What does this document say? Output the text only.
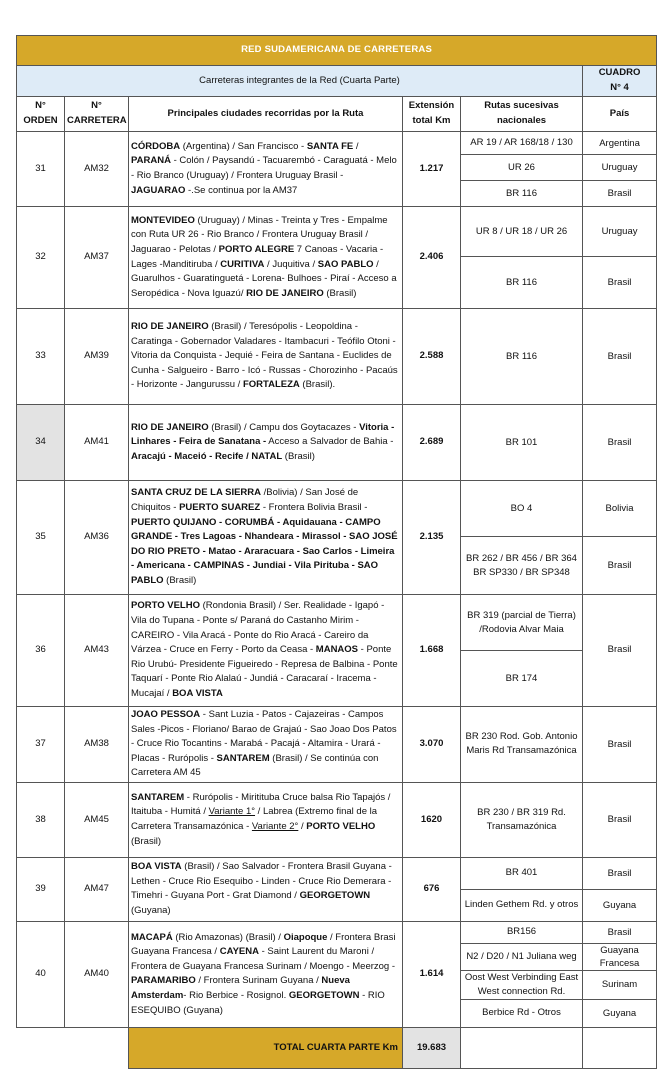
RED SUDAMERICANA DE CARRETERAS					
Carreteras integrantes de la Red (Cuarta Parte)					CUADRO
N° 4

N° ORDEN	N° CARRETERA	Principales ciudades recorridas por la Ruta	Extensión total Km	Rutas sucesivas nacionales	País
31	AM32	CÓRDOBA (Argentina) / San Francisco - SANTA FE / PARANÁ - Colón / Paysandú - Tacuarembó - Caraguatá - Melo - Rio Branco (Uruguay) / Frontera Uruguay Brasil - JAGUARAO -.Se continua por la AM37	1.217	AR 19 / AR 168/18 / 130	Argentina
				UR 26	Uruguay
				BR 116	Brasil
32	AM37	MONTEVIDEO (Uruguay) / Minas - Treinta y Tres - Empalme con Ruta UR 26 - Rio Branco / Frontera Uruguay Brasil / Jaguarao - Pelotas / PORTO ALEGRE 7 Canoas - Vacaria - Lages -Manditiruba / CURITIVA / Juquitiva / SAO PABLO / Guarulhos - Guaratinguetá - Lorena- Bulhoes - Piraí - Acceso a Seropédica - Nova Iguazú/ RIO DE JANEIRO (Brasil)	2.406	UR 8 / UR 18 / UR 26	Uruguay
				BR 116	Brasil
33	AM39	RIO DE JANEIRO (Brasil) / Teresópolis - Leopoldina - Caratinga - Gobernador Valadares - Itambacuri - Teófilo Otoni - Vitoria da Conquista - Jequié - Feira de Santana - Euclides de Cunha - Salgueiro - Barro - Icó - Russas - Chorozinho - Pacaús - Horizonte - Jangurussu / FORTALEZA (Brasil).	2.588	BR 116	Brasil
34	AM41	RIO DE JANEIRO (Brasil) / Campu dos Goytacazes - Vitoria - Linhares - Feira de Sanatana - Acceso a Salvador de Bahia - Aracajú - Maceió - Recife / NATAL (Brasil)	2.689	BR 101	Brasil
35	AM36	SANTA CRUZ DE LA SIERRA /Bolivia) / San José de Chiquitos - PUERTO SUAREZ - Frontera Bolivia Brasil - PUERTO QUIJANO - CORUMBÁ - Aquidauana - CAMPO GRANDE - Tres Lagoas - Nhandeara - Mirassol - SAO JOSÉ DO RIO PRETO - Matao - Araracuara - Sao Carlos - Limeira - Americana - CAMPINAS - Jundiai - Vila Pirituba - SAO PABLO (Brasil)	2.135	BO 4	Bolivia
				BR 262 / BR 456 / BR 364 BR SP330 / BR SP348	Brasil
36	AM43	PORTO VELHO (Rondonia Brasil) / Ser. Realidade - Igapó - Vila do Tupana - Ponte s/ Paraná do Castanho Mirim - CAREIRO - Vila Aracá - Ponte do Rio Aracá - Careiro da Várzea - Cruce en Ferry - Porto da Ceasa - MANAOS - Ponte Rio Urubú- Presidente Figueiredo - Represa de Balbina - Ponte Taquarí - Ponte Rio Alalaú - Jundiá - Caracaraí - Iracema - Mucajaí / BOA VISTA	1.668	BR 319 (parcial de Tierra) /Rodovia Alvar Maia	Brasil
				BR 174	
37	AM38	JOAO PESSOA - Sant Luzia - Patos - Cajazeiras - Campos Sales -Picos - Floriano/ Barao de Grajaú - Sao Joao Dos Patos - Cruce Rio Tocantins - Marabá - Pacajá - Altamira - Urará - Placas - Rurópolis - SANTAREM (Brasil) / Se continúa con Carretera AM 45	3.070	BR 230 Rod. Gob. Antonio Maris Rd Transamazónica	Brasil
38	AM45	SANTAREM - Rurópolis - Miritituba Cruce balsa Rio Tapajós / Itaituba - Humitá / Variante 1° / Labrea (Extremo final de la Carretera Transamazónica - Variante 2° / PORTO VELHO (Brasil)	1620	BR 230 / BR 319 Rd. Transamazónica	Brasil
39	AM47	BOA VISTA (Brasil) / Sao Salvador - Frontera Brasil Guyana - Lethen - Cruce Rio Esequibo - Linden - Cruce Rio Demerara - Timehri - Guyana Port - Grat Diamond / GEORGETOWN (Guyana)	676	BR 401	Brasil
				Linden Gethem Rd. y otros	Guyana
40	AM40	MACAPÁ (Rio Amazonas) (Brasil) / Oiapoque / Frontera Brasi Guayana Francesa / CAYENA - Saint Laurent du Maroni / Frontera de Guayana Francesa Surinam / Moengo - Meerzog - PARAMARIBO / Frontera Surinam Guyana / Nueva Amsterdam- Rio Berbice - Rosignol. GEORGETOWN - RIO ESEQUIBO (Guyana)	1.614	BR156	Brasil
				N2 / D20 / N1 Juliana weg	Guayana Francesa
				Oost West Verbinding East West connection Rd.	Surinam
				Berbice Rd - Otros	Guyana
		TOTAL CUARTA PARTE Km	19.683		
